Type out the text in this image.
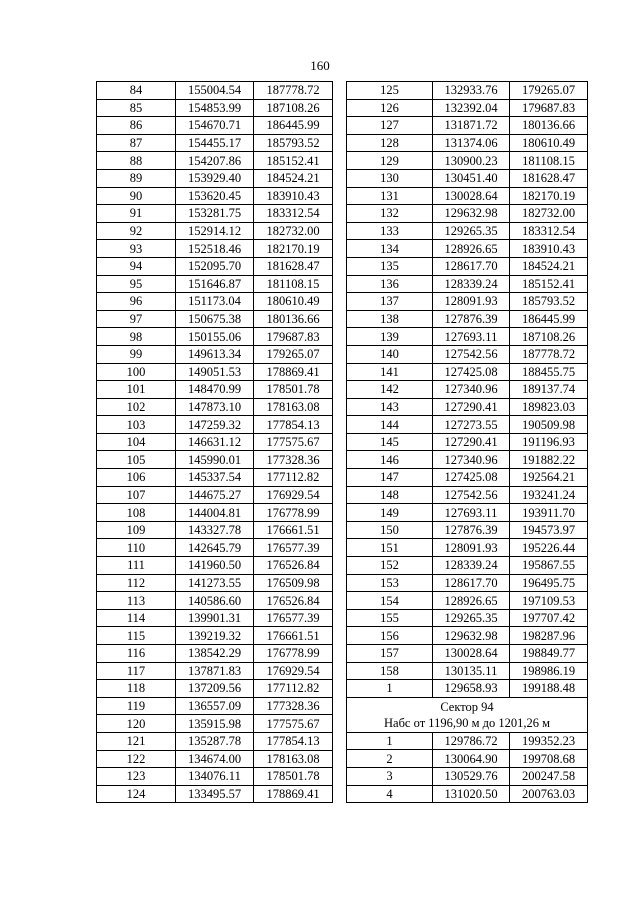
160
84	155004.54	187778.72
85	154853.99	187108.26
86	154670.71	186445.99
87	154455.17	185793.52
88	154207.86	185152.41
89	153929.40	184524.21
90	153620.45	183910.43
91	153281.75	183312.54
92	152914.12	182732.00
93	152518.46	182170.19
94	152095.70	181628.47
95	151646.87	181108.15
96	151173.04	180610.49
97	150675.38	180136.66
98	150155.06	179687.83
99	149613.34	179265.07
100	149051.53	178869.41
101	148470.99	178501.78
102	147873.10	178163.08
103	147259.32	177854.13
104	146631.12	177575.67
105	145990.01	177328.36
106	145337.54	177112.82
107	144675.27	176929.54
108	144004.81	176778.99
109	143327.78	176661.51
110	142645.79	176577.39
111	141960.50	176526.84
112	141273.55	176509.98
113	140586.60	176526.84
114	139901.31	176577.39
115	139219.32	176661.51
116	138542.29	176778.99
117	137871.83	176929.54
118	137209.56	177112.82
119	136557.09	177328.36
120	135915.98	177575.67
121	135287.78	177854.13
122	134674.00	178163.08
123	134076.11	178501.78
124	133495.57	178869.41
125	132933.76	179265.07
126	132392.04	179687.83
127	131871.72	180136.66
128	131374.06	180610.49
129	130900.23	181108.15
130	130451.40	181628.47
131	130028.64	182170.19
132	129632.98	182732.00
133	129265.35	183312.54
134	128926.65	183910.43
135	128617.70	184524.21
136	128339.24	185152.41
137	128091.93	185793.52
138	127876.39	186445.99
139	127693.11	187108.26
140	127542.56	187778.72
141	127425.08	188455.75
142	127340.96	189137.74
143	127290.41	189823.03
144	127273.55	190509.98
145	127290.41	191196.93
146	127340.96	191882.22
147	127425.08	192564.21
148	127542.56	193241.24
149	127693.11	193911.70
150	127876.39	194573.97
151	128091.93	195226.44
152	128339.24	195867.55
153	128617.70	196495.75
154	128926.65	197109.53
155	129265.35	197707.42
156	129632.98	198287.96
157	130028.64	198849.77
158	130135.11	198986.19
1	129658.93	199188.48

Сектор 94
Набс от 1196,90 м до 1201,26 м		

1	129786.72	199352.23
2	130064.90	199708.68
3	130529.76	200247.58
4	131020.50	200763.03
